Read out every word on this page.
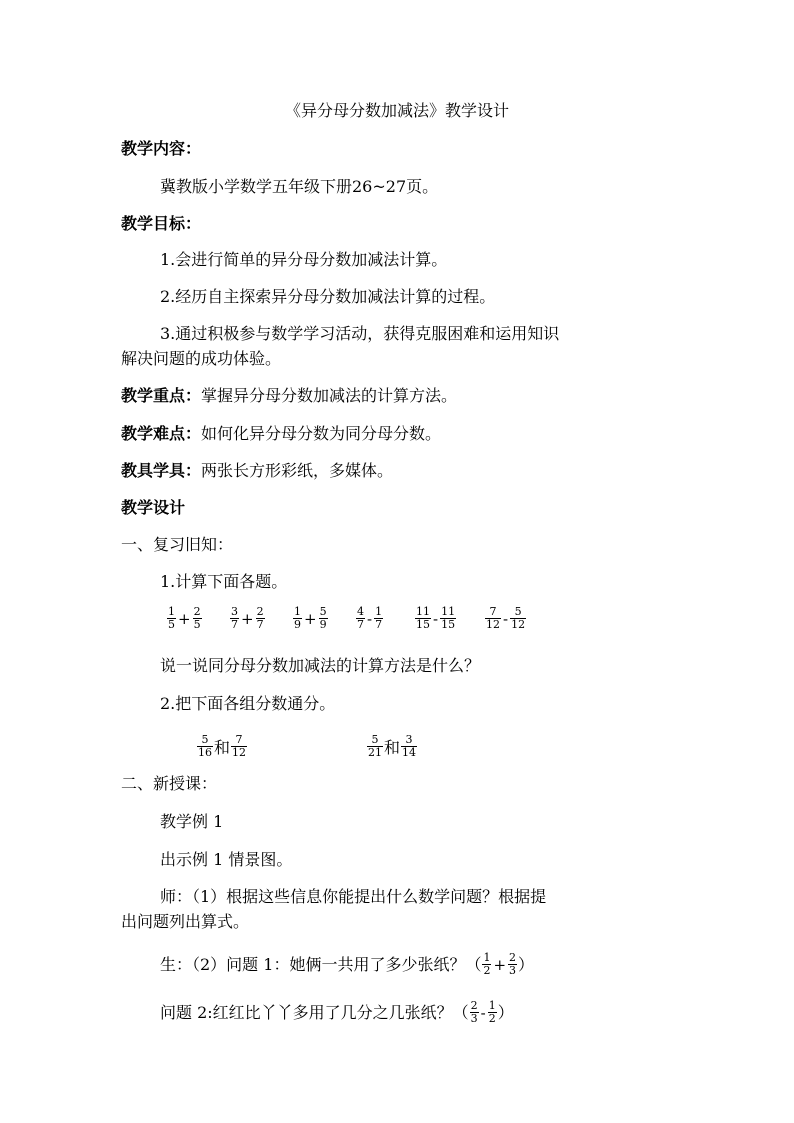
《异分母分数加减法》教学设计
教学内容：
冀教版小学数学五年级下册26~27页。
教学目标：
1.会进行简单的异分母分数加减法计算。
2.经历自主探索异分母分数加减法计算的过程。
3.通过积极参与数学学习活动，获得克服困难和运用知识
解决问题的成功体验。
教学重点：掌握异分母分数加减法的计算方法。
教学难点：如何化异分母分数为同分母分数。
教具学具：两张长方形彩纸，多媒体。
教学设计
一、复习旧知：
1.计算下面各题。
$\frac{1}{5} + \frac{2}{5}$	$\frac{3}{7} + \frac{2}{7}$	$\frac{1}{9} + \frac{5}{9}$	$\frac{4}{7} - \frac{1}{7}$	$\frac{11}{15} - \frac{11}{15}$	$\frac{7}{12} - \frac{5}{12}$
说一说同分母分数加减法的计算方法是什么？
2.把下面各组分数通分。
$\frac{5}{16}$ 和 $\frac{7}{12}$	$\frac{5}{21}$ 和 $\frac{3}{14}$
二、新授课：
教学例 1
出示例 1 情景图。
师：（1）根据这些信息你能提出什么数学问题？根据提
出问题列出算式。
生：（2）问题 1：她俩一共用了多少张纸？（ $\frac{1}{2} + \frac{2}{3}$ ）
问题 2:红红比丫丫多用了几分之几张纸？（ $\frac{2}{3} - \frac{1}{2}$ ）
